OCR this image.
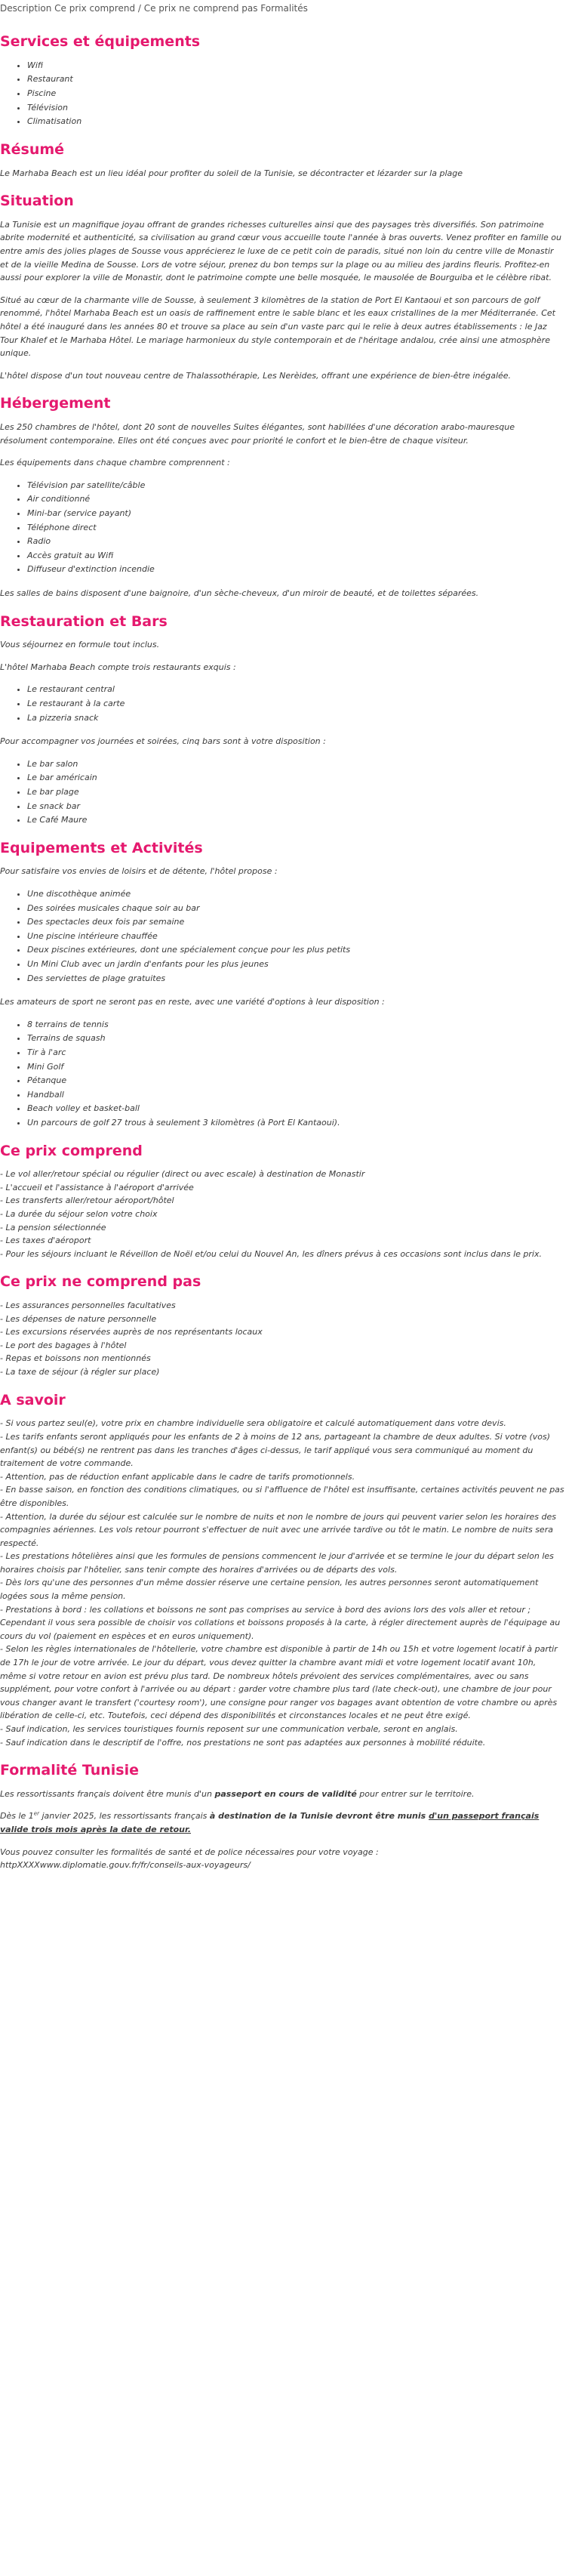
Description Ce prix comprend / Ce prix ne comprend pas Formalités
Services et équipements
• Wifi
• Restaurant
• Piscine
• Télévision
• Climatisation
Résumé

Le Marhaba Beach est un lieu idéal pour profiter du soleil de la Tunisie, se décontracter et lézarder sur la plage

Situation

La Tunisie est un magnifique joyau offrant de grandes richesses culturelles ainsi que des paysages très diversifiés. Son patrimoine abrite modernité et authenticité, sa civilisation au grand cœur vous accueille toute l'année à bras ouverts. Venez profiter en famille ou entre amis des jolies plages de Sousse vous apprécierez le luxe de ce petit coin de paradis, situé non loin du centre ville de Monastir et de la vieille Medina de Sousse. Lors de votre séjour, prenez du bon temps sur la plage ou au milieu des jardins fleuris. Profitez-en aussi pour explorer la ville de Monastir, dont le patrimoine compte une belle mosquée, le mausolée de Bourguiba et le célèbre ribat.

Situé au cœur de la charmante ville de Sousse, à seulement 3 kilomètres de la station de Port El Kantaoui et son parcours de golf renommé, l'hôtel Marhaba Beach est un oasis de raffinement entre le sable blanc et les eaux cristallines de la mer Méditerranée. Cet hôtel a été inauguré dans les années 80 et trouve sa place au sein d'un vaste parc qui le relie à deux autres établissements : le Jaz Tour Khalef et le Marhaba Hôtel. Le mariage harmonieux du style contemporain et de l'héritage andalou, crée ainsi une atmosphère unique.

L'hôtel dispose d'un tout nouveau centre de Thalassothérapie, Les Nerèides, offrant une expérience de bien-être inégalée.

Hébergement

Les 250 chambres de l'hôtel, dont 20 sont de nouvelles Suites élégantes, sont habillées d'une décoration arabo-mauresque résolument contemporaine. Elles ont été conçues avec pour priorité le confort et le bien-être de chaque visiteur.

Les équipements dans chaque chambre comprennent :

• Télévision par satellite/câble
• Air conditionné
• Mini-bar (service payant)
• Téléphone direct
• Radio
• Accès gratuit au Wifi
• Diffuseur d'extinction incendie

Les salles de bains disposent d'une baignoire, d'un sèche-cheveux, d'un miroir de beauté, et de toilettes séparées.

Restauration et Bars

Vous séjournez en formule tout inclus.

L'hôtel Marhaba Beach compte trois restaurants exquis :

• Le restaurant central
• Le restaurant à la carte
• La pizzeria snack

Pour accompagner vos journées et soirées, cinq bars sont à votre disposition :

• Le bar salon
• Le bar américain
• Le bar plage
• Le snack bar
• Le Café Maure
Equipements et Activités

Pour satisfaire vos envies de loisirs et de détente, l'hôtel propose :

• Une discothèque animée
• Des soirées musicales chaque soir au bar
• Des spectacles deux fois par semaine
• Une piscine intérieure chauffée
• Deux piscines extérieures, dont une spécialement conçue pour les plus petits
• Un Mini Club avec un jardin d'enfants pour les plus jeunes
• Des serviettes de plage gratuites

Les amateurs de sport ne seront pas en reste, avec une variété d'options à leur disposition :

• 8 terrains de tennis
• Terrains de squash
• Tir à l'arc
• Mini Golf
• Pétanque
• Handball
• Beach volley et basket-ball
• Un parcours de golf 27 trous à seulement 3 kilomètres (à Port El Kantaoui).
Ce prix comprend
- Le vol aller/retour spécial ou régulier (direct ou avec escale) à destination de Monastir
- L'accueil et l'assistance à l'aéroport d'arrivée
- Les transferts aller/retour aéroport/hôtel
- La durée du séjour selon votre choix
- La pension sélectionnée
- Les taxes d'aéroport
- Pour les séjours incluant le Réveillon de Noël et/ou celui du Nouvel An, les dîners prévus à ces occasions sont inclus dans le prix.
Ce prix ne comprend pas
- Les assurances personnelles facultatives
- Les dépenses de nature personnelle
- Les excursions réservées auprès de nos représentants locaux
- Le port des bagages à l'hôtel
- Repas et boissons non mentionnés
- La taxe de séjour (à régler sur place)
A savoir
- Si vous partez seul(e), votre prix en chambre individuelle sera obligatoire et calculé automatiquement dans votre devis.
- Les tarifs enfants seront appliqués pour les enfants de 2 à moins de 12 ans, partageant la chambre de deux adultes. Si votre (vos) enfant(s) ou bébé(s) ne rentrent pas dans les tranches d'âges ci-dessus, le tarif appliqué vous sera communiqué au moment du traitement de votre commande.
- Attention, pas de réduction enfant applicable dans le cadre de tarifs promotionnels.
- En basse saison, en fonction des conditions climatiques, ou si l'affluence de l'hôtel est insuffisante, certaines activités peuvent ne pas être disponibles.
- Attention, la durée du séjour est calculée sur le nombre de nuits et non le nombre de jours qui peuvent varier selon les horaires des compagnies aériennes. Les vols retour pourront s'effectuer de nuit avec une arrivée tardive ou tôt le matin. Le nombre de nuits sera respecté.
- Les prestations hôtelières ainsi que les formules de pensions commencent le jour d'arrivée et se termine le jour du départ selon les horaires choisis par l'hôtelier, sans tenir compte des horaires d'arrivées ou de départs des vols.
- Dès lors qu'une des personnes d'un même dossier réserve une certaine pension, les autres personnes seront automatiquement logées sous la même pension.
- Prestations à bord : les collations et boissons ne sont pas comprises au service à bord des avions lors des vols aller et retour ; Cependant il vous sera possible de choisir vos collations et boissons proposés à la carte, à régler directement auprès de l'équipage au cours du vol (paiement en espèces et en euros uniquement).
- Selon les règles internationales de l'hôtellerie, votre chambre est disponible à partir de 14h ou 15h et votre logement locatif à partir de 17h le jour de votre arrivée. Le jour du départ, vous devez quitter la chambre avant midi et votre logement locatif avant 10h, même si votre retour en avion est prévu plus tard. De nombreux hôtels prévoient des services complémentaires, avec ou sans supplément, pour votre confort à l'arrivée ou au départ : garder votre chambre plus tard (late check-out), une chambre de jour pour vous changer avant le transfert ('courtesy room'), une consigne pour ranger vos bagages avant obtention de votre chambre ou après libération de celle-ci, etc. Toutefois, ceci dépend des disponibilités et circonstances locales et ne peut être exigé.
- Sauf indication, les services touristiques fournis reposent sur une communication verbale, seront en anglais.
- Sauf indication dans le descriptif de l'offre, nos prestations ne sont pas adaptées aux personnes à mobilité réduite.
Formalité Tunisie

Les ressortissants français doivent être munis d'un passeport en cours de validité pour entrer sur le territoire.

Dès le 1er janvier 2025, les ressortissants français à destination de la Tunisie devront être munis d'un passeport français valide trois mois après la date de retour.

Vous pouvez consulter les formalités de santé et de police nécessaires pour votre voyage :
httpXXXXwww.diplomatie.gouv.fr/fr/conseils-aux-voyageurs/
